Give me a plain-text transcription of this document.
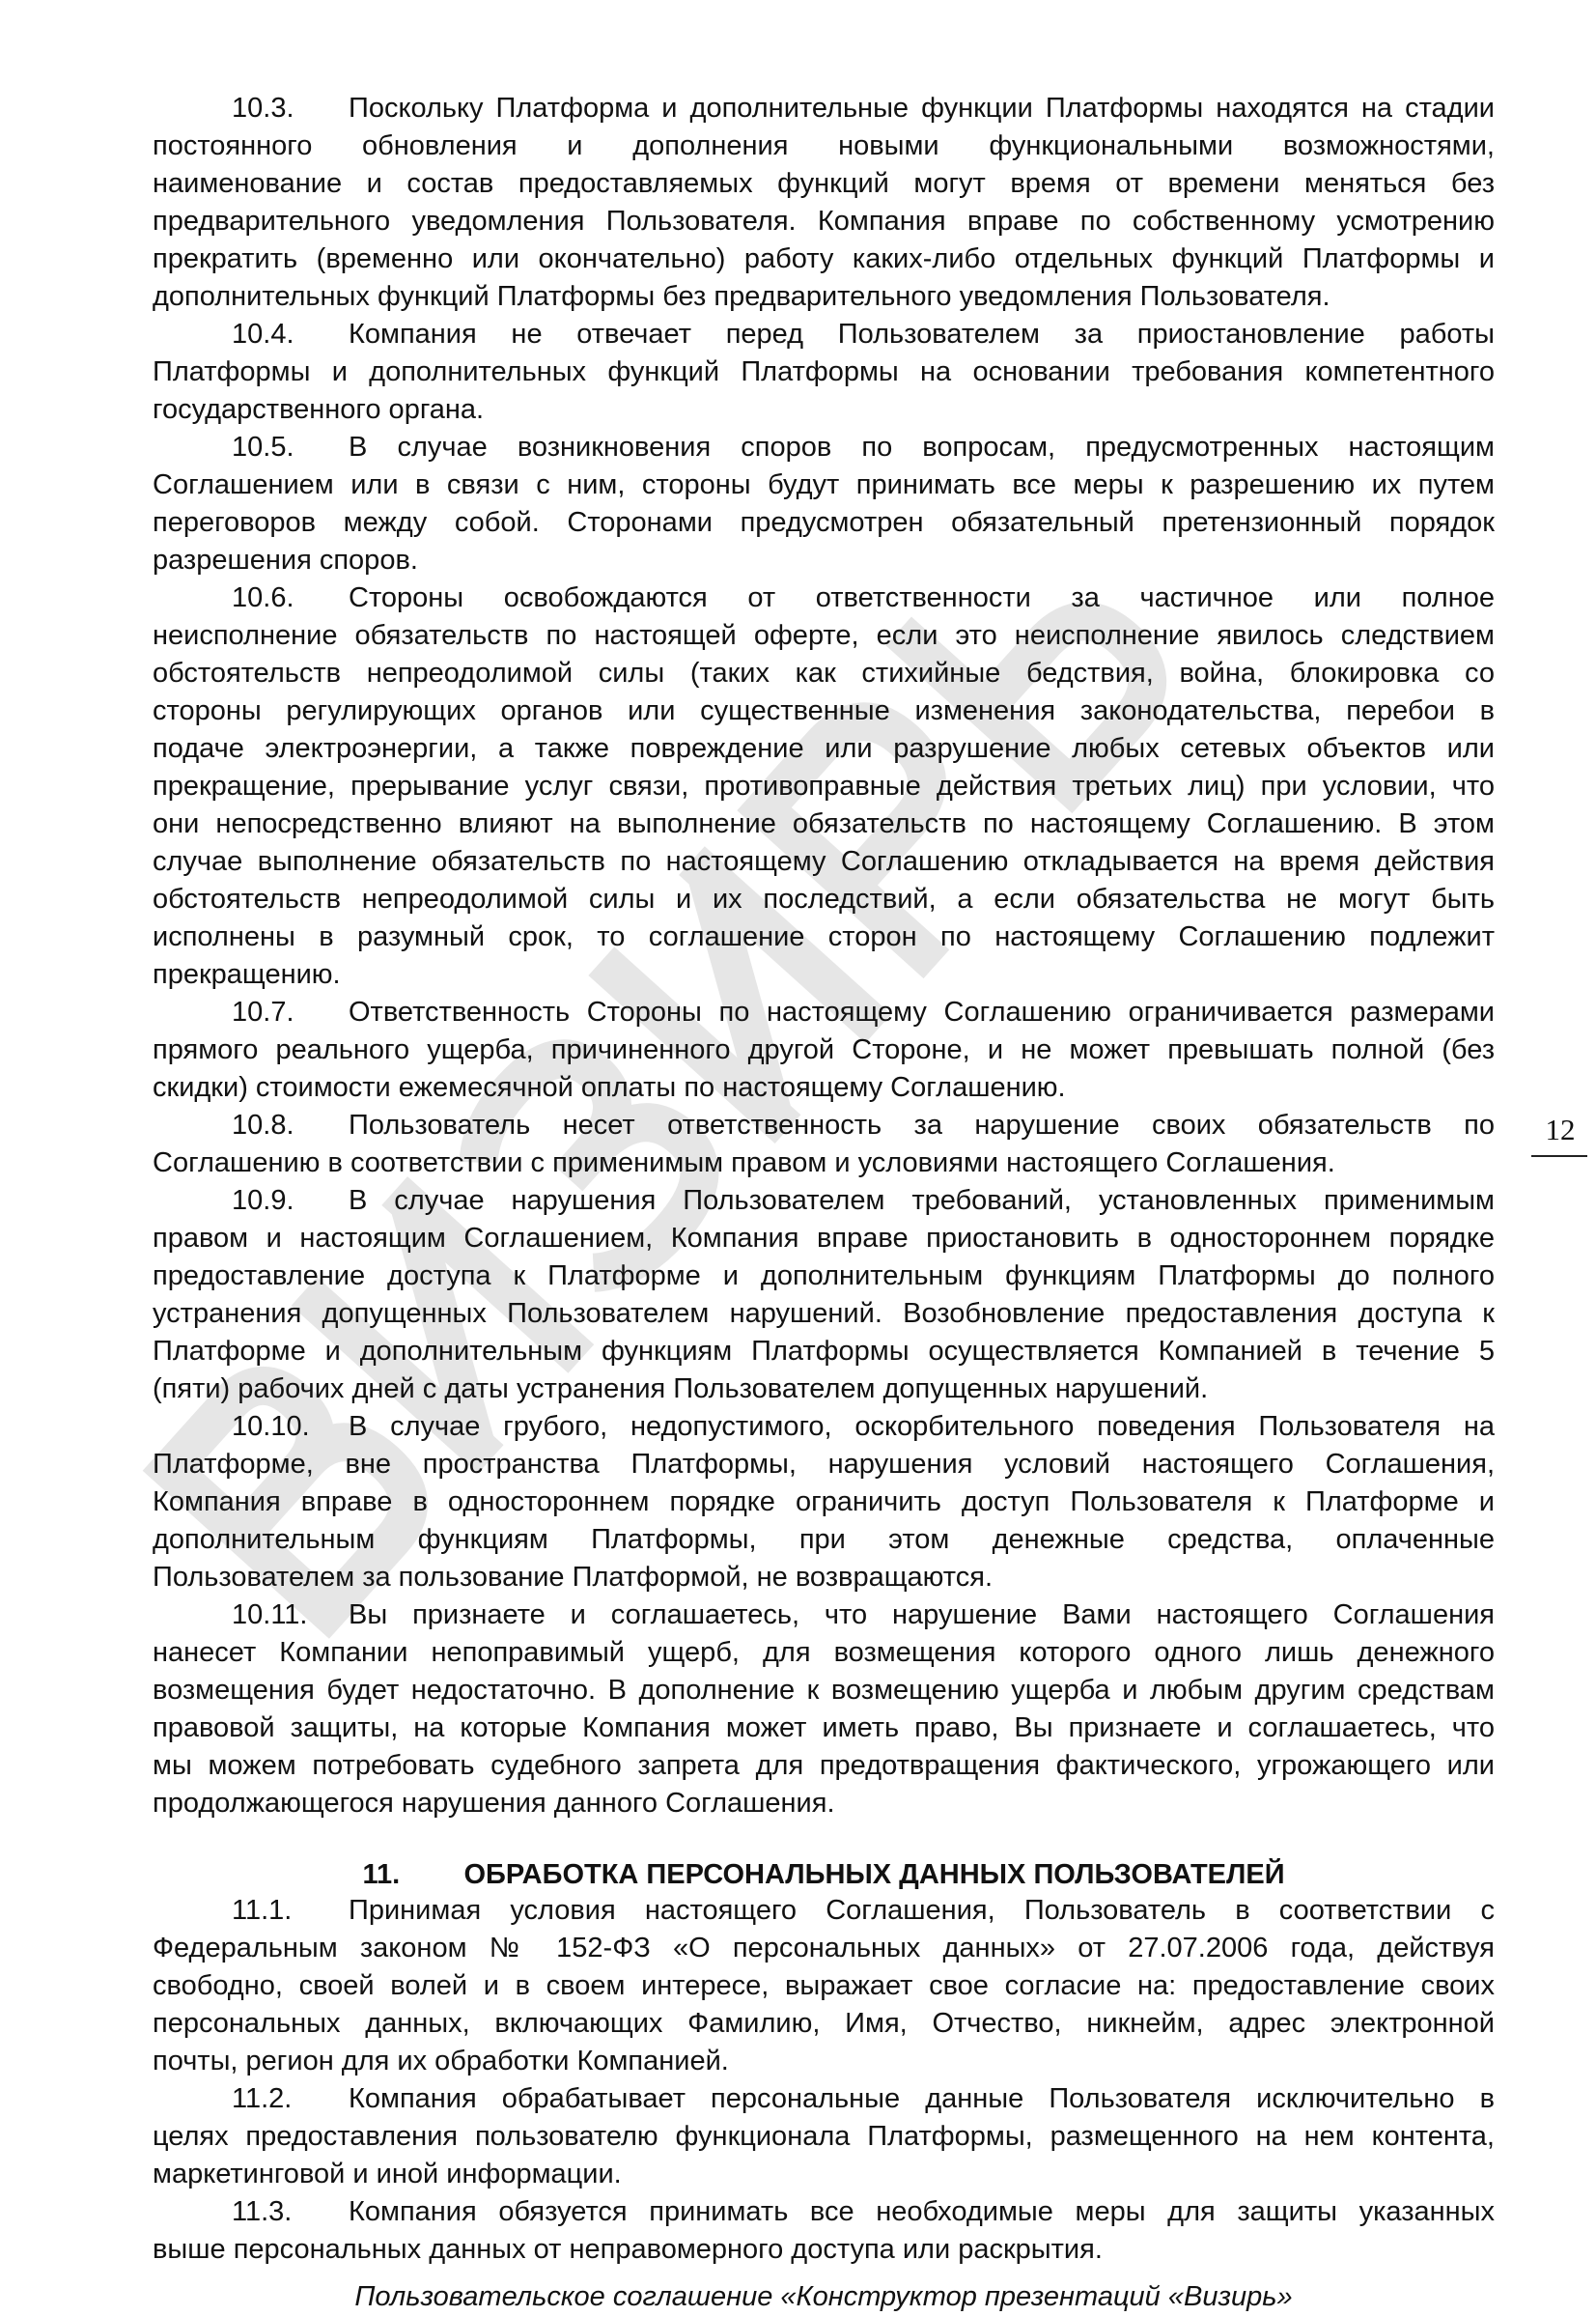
10.3. Поскольку Платформа и дополнительные функции Платформы находятся на стадии
постоянного обновления и дополнения новыми функциональными возможностями,
наименование и состав предоставляемых функций могут время от времени меняться без
предварительного уведомления Пользователя. Компания вправе по собственному усмотрению
прекратить (временно или окончательно) работу каких-либо отдельных функций Платформы и
дополнительных функций Платформы без предварительного уведомления Пользователя.
10.4. Компания не отвечает перед Пользователем за приостановление работы
Платформы и дополнительных функций Платформы на основании требования компетентного
государственного органа.
10.5. В случае возникновения споров по вопросам, предусмотренных настоящим
Соглашением или в связи с ним, стороны будут принимать все меры к разрешению их путем
переговоров между собой. Сторонами предусмотрен обязательный претензионный порядок
разрешения споров.
10.6. Стороны освобождаются от ответственности за частичное или полное
неисполнение обязательств по настоящей оферте, если это неисполнение явилось следствием
обстоятельств непреодолимой силы (таких как стихийные бедствия, война, блокировка со
стороны регулирующих органов или существенные изменения законодательства, перебои в
подаче электроэнергии, а также повреждение или разрушение любых сетевых объектов или
прекращение, прерывание услуг связи, противоправные действия третьих лиц) при условии, что
они непосредственно влияют на выполнение обязательств по настоящему Соглашению. В этом
случае выполнение обязательств по настоящему Соглашению откладывается на время действия
обстоятельств непреодолимой силы и их последствий, а если обязательства не могут быть
исполнены в разумный срок, то соглашение сторон по настоящему Соглашению подлежит
прекращению.
10.7. Ответственность Стороны по настоящему Соглашению ограничивается размерами
прямого реального ущерба, причиненного другой Стороне, и не может превышать полной (без
скидки) стоимости ежемесячной оплаты по настоящему Соглашению.
10.8. Пользователь несет ответственность за нарушение своих обязательств по
Соглашению в соответствии с применимым правом и условиями настоящего Соглашения.
10.9. В случае нарушения Пользователем требований, установленных применимым
правом и настоящим Соглашением, Компания вправе приостановить в одностороннем порядке
предоставление доступа к Платформе и дополнительным функциям Платформы до полного
устранения допущенных Пользователем нарушений. Возобновление предоставления доступа к
Платформе и дополнительным функциям Платформы осуществляется Компанией в течение 5
(пяти) рабочих дней с даты устранения Пользователем допущенных нарушений.
10.10. В случае грубого, недопустимого, оскорбительного поведения Пользователя на
Платформе, вне пространства Платформы, нарушения условий настоящего Соглашения,
Компания вправе в одностороннем порядке ограничить доступ Пользователя к Платформе и
дополнительным функциям Платформы, при этом денежные средства, оплаченные
Пользователем за пользование Платформой, не возвращаются.
10.11. Вы признаете и соглашаетесь, что нарушение Вами настоящего Соглашения
нанесет Компании непоправимый ущерб, для возмещения которого одного лишь денежного
возмещения будет недостаточно. В дополнение к возмещению ущерба и любым другим средствам
правовой защиты, на которые Компания может иметь право, Вы признаете и соглашаетесь, что
мы можем потребовать судебного запрета для предотвращения фактического, угрожающего или
продолжающегося нарушения данного Соглашения.
11. ОБРАБОТКА ПЕРСОНАЛЬНЫХ ДАННЫХ ПОЛЬЗОВАТЕЛЕЙ
11.1. Принимая условия настоящего Соглашения, Пользователь в соответствии с
Федеральным законом № 152-ФЗ «О персональных данных» от 27.07.2006 года, действуя
свободно, своей волей и в своем интересе, выражает свое согласие на: предоставление своих
персональных данных, включающих Фамилию, Имя, Отчество, никнейм, адрес электронной
почты, регион для их обработки Компанией.
11.2. Компания обрабатывает персональные данные Пользователя исключительно в
целях предоставления пользователю функционала Платформы, размещенного на нем контента,
маркетинговой и иной информации.
11.3. Компания обязуется принимать все необходимые меры для защиты указанных
выше персональных данных от неправомерного доступа или раскрытия.
Пользовательское соглашение «Конструктор презентаций «Визирь»
12
